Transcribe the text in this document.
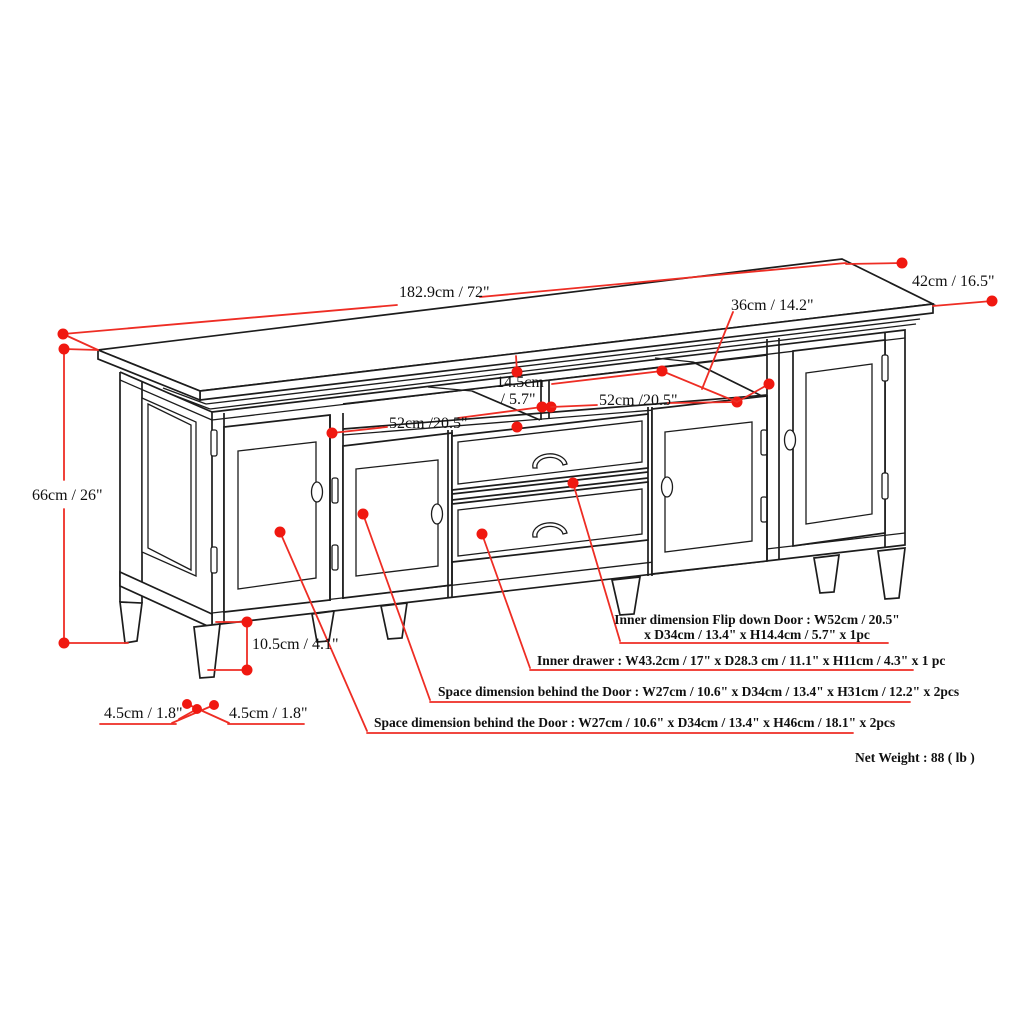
182.9cm / 72"
42cm / 16.5"
66cm / 26"
14.5cm
/ 5.7"
52cm /20.5"
52cm /20.5"
36cm / 14.2"
10.5cm / 4.1"
4.5cm / 1.8"	4.5cm / 1.8"
Inner dimension Flip down Door : W52cm / 20.5"
x D34cm / 13.4" x H14.4cm / 5.7" x 1pc
Inner drawer : W43.2cm / 17" x D28.3 cm / 11.1" x H11cm / 4.3" x 1 pc
Space dimension behind the Door : W27cm / 10.6" x D34cm / 13.4" x H31cm / 12.2" x 2pcs
Space dimension behind the Door : W27cm / 10.6" x D34cm / 13.4" x H46cm / 18.1" x 2pcs
Net Weight : 88 ( lb )
